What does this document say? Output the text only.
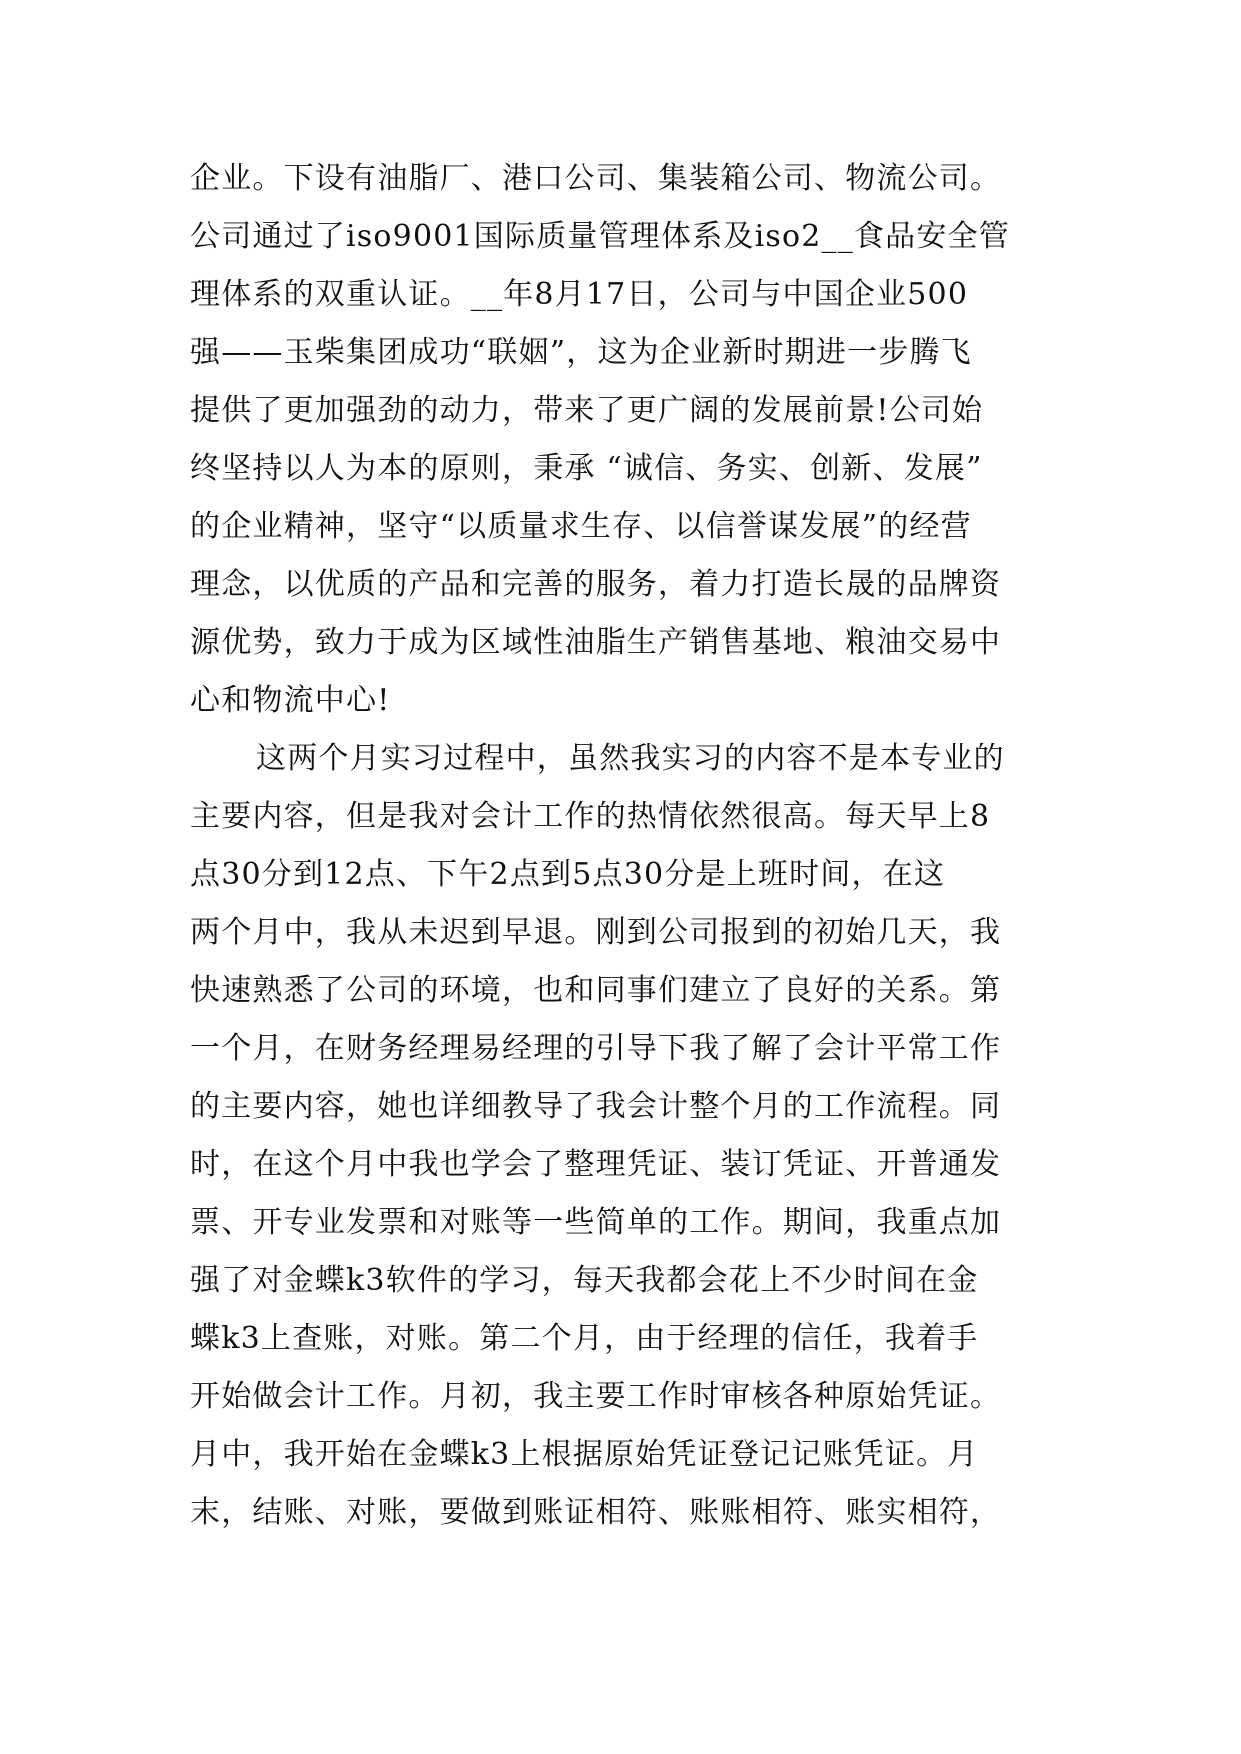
企业。下设有油脂厂、港口公司、集装箱公司、物流公司。
公司通过了iso9001国际质量管理体系及iso2__食品安全管
理体系的双重认证。__年8月17日，公司与中国企业500
强——玉柴集团成功“联姻”，这为企业新时期进一步腾飞
提供了更加强劲的动力，带来了更广阔的发展前景!公司始
终坚持以人为本的原则，秉承 “诚信、务实、创新、发展”
的企业精神，坚守“以质量求生存、以信誉谋发展”的经营
理念，以优质的产品和完善的服务，着力打造长晟的品牌资
源优势，致力于成为区域性油脂生产销售基地、粮油交易中
心和物流中心!
这两个月实习过程中，虽然我实习的内容不是本专业的
主要内容，但是我对会计工作的热情依然很高。每天早上8
点30分到12点、下午2点到5点30分是上班时间，在这
两个月中，我从未迟到早退。刚到公司报到的初始几天，我
快速熟悉了公司的环境，也和同事们建立了良好的关系。第
一个月，在财务经理易经理的引导下我了解了会计平常工作
的主要内容，她也详细教导了我会计整个月的工作流程。同
时，在这个月中我也学会了整理凭证、装订凭证、开普通发
票、开专业发票和对账等一些简单的工作。期间，我重点加
强了对金蝶k3软件的学习，每天我都会花上不少时间在金
蝶k3上查账，对账。第二个月，由于经理的信任，我着手
开始做会计工作。月初，我主要工作时审核各种原始凭证。
月中，我开始在金蝶k3上根据原始凭证登记记账凭证。月
末，结账、对账，要做到账证相符、账账相符、账实相符，
